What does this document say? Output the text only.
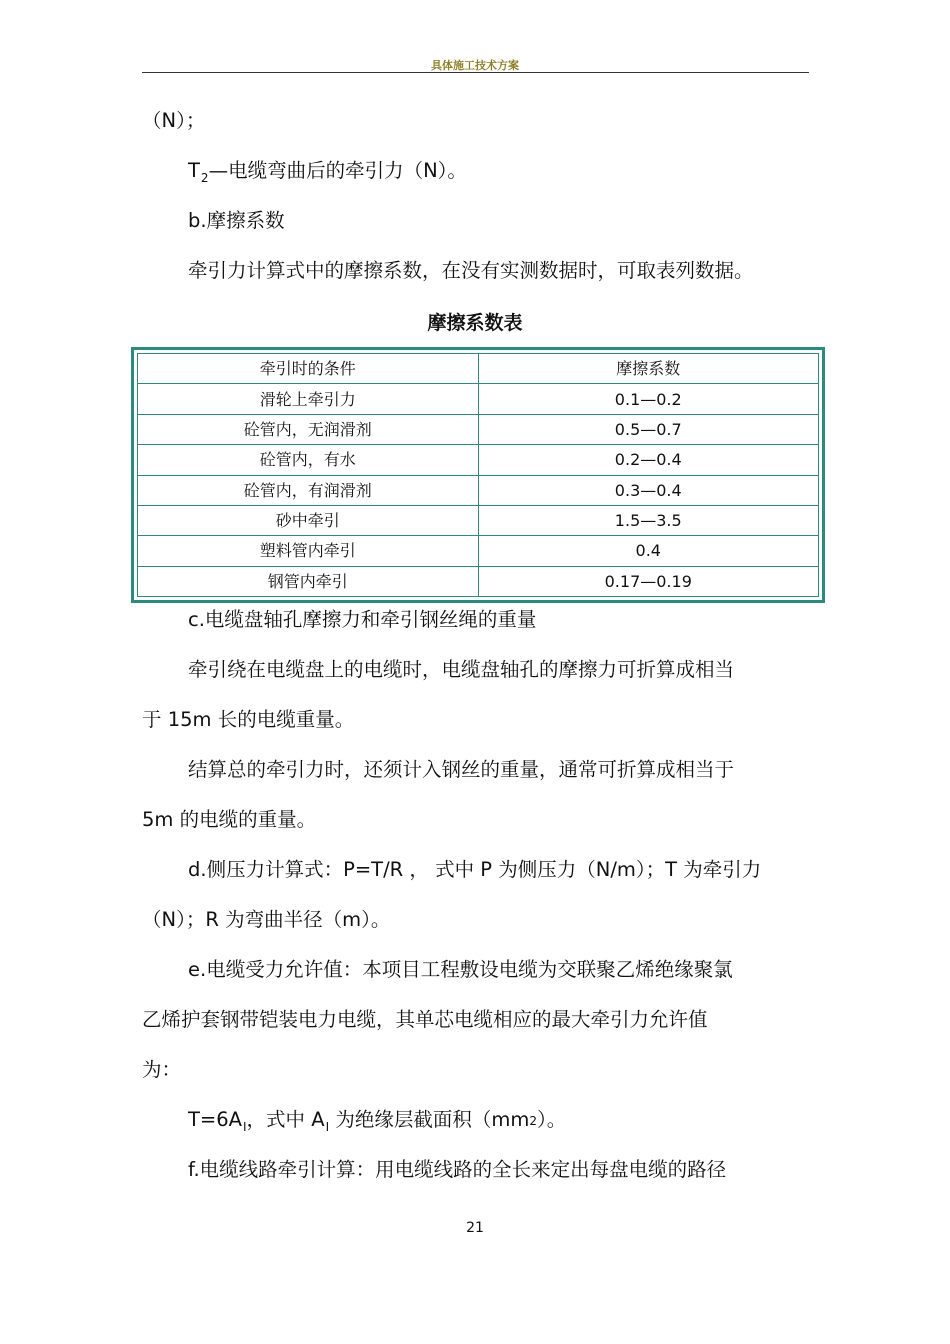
具体施工技术方案
（N）；
$T_2—$电缆弯曲后的牵引力（N）。
b.摩擦系数
牵引力计算式中的摩擦系数，在没有实测数据时，可取表列数据。
摩擦系数表
牵引时的条件	摩擦系数
滑轮上牵引力	0.1—0.2
砼管内，无润滑剂	0.5—0.7
砼管内，有水	0.2—0.4
砼管内，有润滑剂	0.3—0.4
砂中牵引	1.5—3.5
塑料管内牵引	0.4
钢管内牵引	0.17—0.19
c.电缆盘轴孔摩擦力和牵引钢丝绳的重量
牵引绕在电缆盘上的电缆时，电缆盘轴孔的摩擦力可折算成相当
于 15m 长的电缆重量。
结算总的牵引力时，还须计入钢丝的重量，通常可折算成相当于
5m 的电缆的重量。
d.侧压力计算式：P=T/R ， 式中 P 为侧压力（N/m）；T 为牵引力
（N）；R 为弯曲半径（m）。
e.电缆受力允许值：本项目工程敷设电缆为交联聚乙烯绝缘聚氯
乙烯护套钢带铠装电力电缆，其单芯电缆相应的最大牵引力允许值
为：
$T=6A_I$，式中 $A_I$ 为绝缘层截面积（mm2）。
f.电缆线路牵引计算：用电缆线路的全长来定出每盘电缆的路径
21
